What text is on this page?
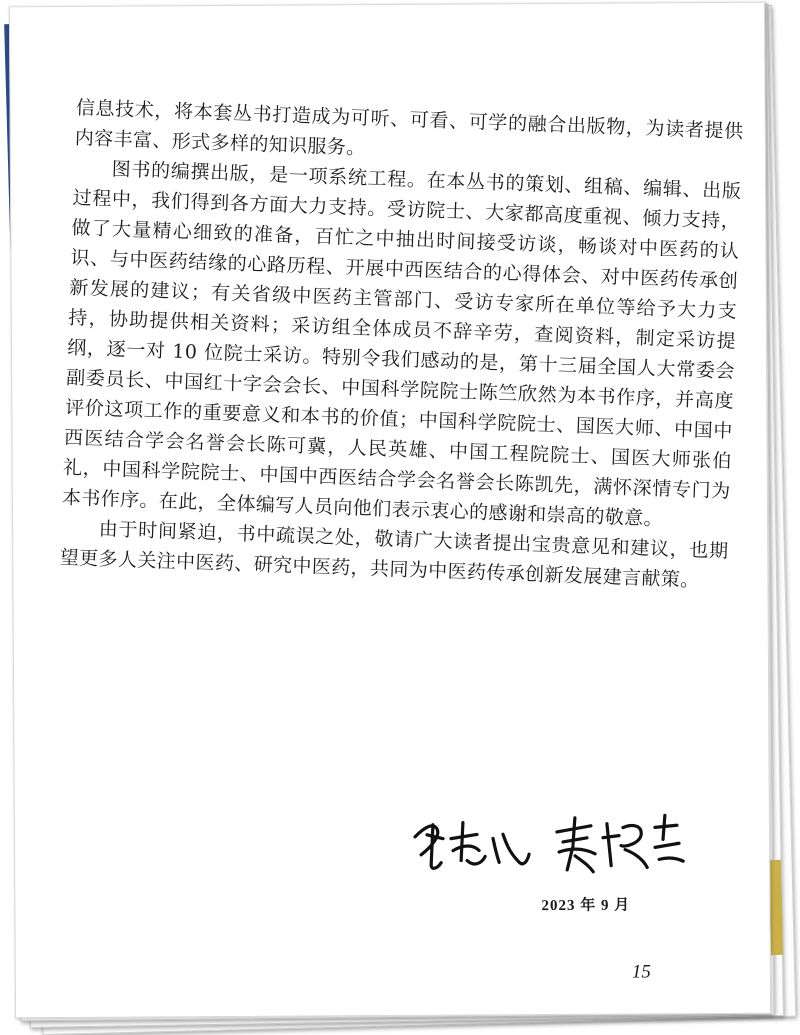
信息技术，将本套丛书打造成为可听、可看、可学的融合出版物，为读者提供内容丰富、形式多样的知识服务。

图书的编撰出版，是一项系统工程。在本丛书的策划、组稿、编辑、出版过程中，我们得到各方面大力支持。受访院士、大家都高度重视、倾力支持，做了大量精心细致的准备，百忙之中抽出时间接受访谈，畅谈对中医药的认识、与中医药结缘的心路历程、开展中西医结合的心得体会、对中医药传承创新发展的建议；有关省级中医药主管部门、受访专家所在单位等给予大力支持，协助提供相关资料；采访组全体成员不辞辛劳，查阅资料，制定采访提纲，逐一对 10 位院士采访。特别令我们感动的是，第十三届全国人大常委会副委员长、中国红十字会会长、中国科学院院士陈竺欣然为本书作序，并高度评价这项工作的重要意义和本书的价值；中国科学院院士、国医大师、中国中西医结合学会名誉会长陈可冀，人民英雄、中国工程院院士、国医大师张伯礼，中国科学院院士、中国中西医结合学会名誉会长陈凯先，满怀深情专门为本书作序。在此，全体编写人员向他们表示衷心的感谢和崇高的敬意。

由于时间紧迫，书中疏误之处，敬请广大读者提出宝贵意见和建议，也期望更多人关注中医药、研究中医药，共同为中医药传承创新发展建言献策。

2023 年 9 月
15
